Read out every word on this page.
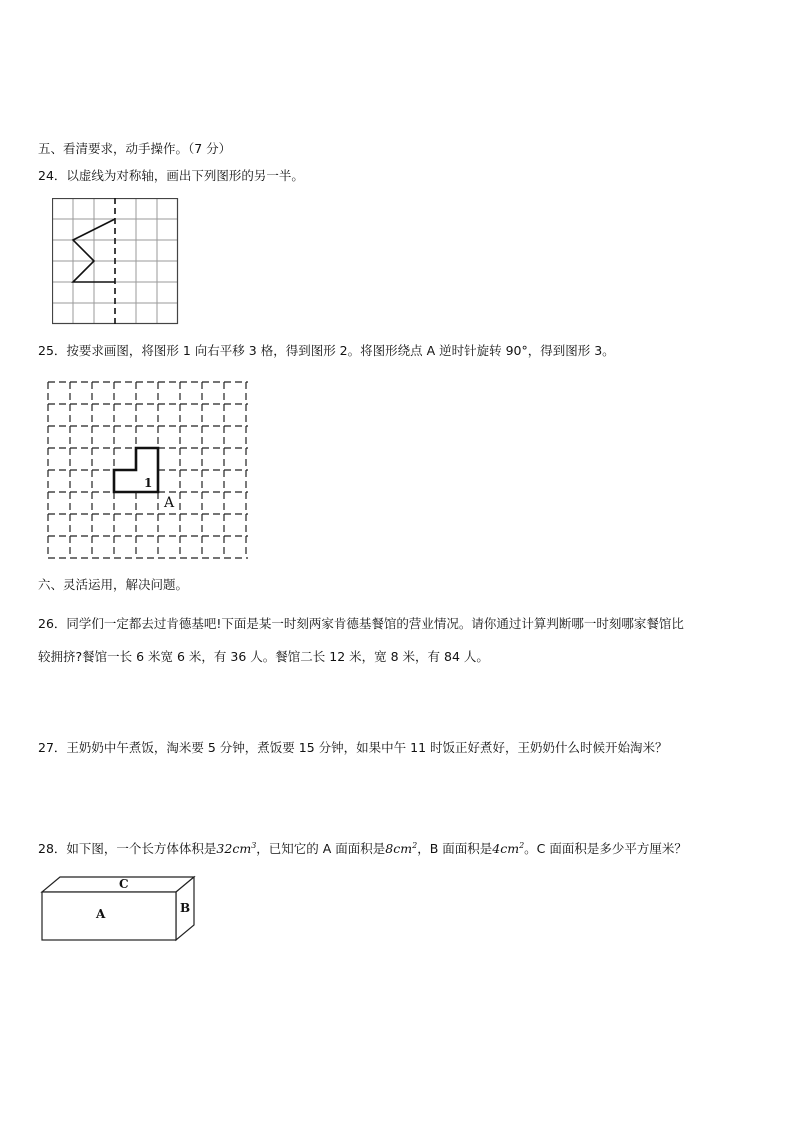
五、看清要求，动手操作。（7 分）
24．以虚线为对称轴，画出下列图形的另一半。
25．按要求画图，将图形 1 向右平移 3 格，得到图形 2。将图形绕点 A 逆时针旋转 90°，得到图形 3。
1
A
六、灵活运用，解决问题。
26．同学们一定都去过肯德基吧!下面是某一时刻两家肯德基餐馆的营业情况。请你通过计算判断哪一时刻哪家餐馆比
较拥挤?餐馆一长 6 米宽 6 米，有 36 人。餐馆二长 12 米，宽 8 米，有 84 人。
27．王奶奶中午煮饭，淘米要 5 分钟，煮饭要 15 分钟，如果中午 11 时饭正好煮好，王奶奶什么时候开始淘米？
28．如下图，一个长方体体积是$32cm^3$，已知它的 A 面面积是$8cm^2$，B 面面积是$4cm^2$。C 面面积是多少平方厘米？
C
A	B
